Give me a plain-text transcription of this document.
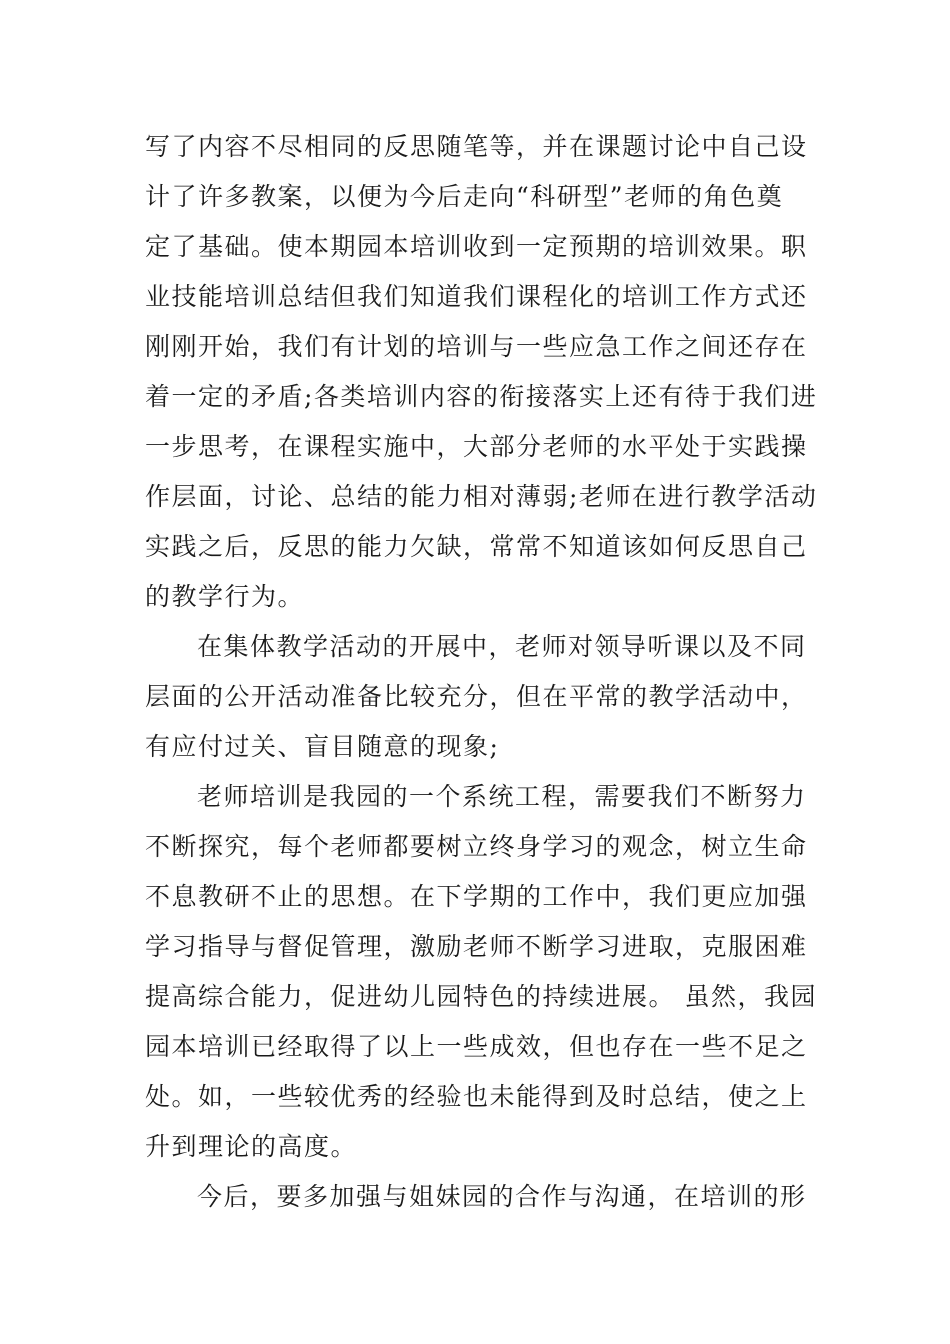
写了内容不尽相同的反思随笔等，并在课题讨论中自己设
计了许多教案，以便为今后走向“科研型”老师的角色奠
定了基础。使本期园本培训收到一定预期的培训效果。职
业技能培训总结但我们知道我们课程化的培训工作方式还
刚刚开始，我们有计划的培训与一些应急工作之间还存在
着一定的矛盾;各类培训内容的衔接落实上还有待于我们进
一步思考，在课程实施中，大部分老师的水平处于实践操
作层面，讨论、总结的能力相对薄弱;老师在进行教学活动
实践之后，反思的能力欠缺，常常不知道该如何反思自己
的教学行为。
在集体教学活动的开展中，老师对领导听课以及不同
层面的公开活动准备比较充分，但在平常的教学活动中，
有应付过关、盲目随意的现象;
老师培训是我园的一个系统工程，需要我们不断努力
不断探究，每个老师都要树立终身学习的观念，树立生命
不息教研不止的思想。在下学期的工作中，我们更应加强
学习指导与督促管理，激励老师不断学习进取，克服困难
提高综合能力，促进幼儿园特色的持续进展。 虽然，我园
园本培训已经取得了以上一些成效，但也存在一些不足之
处。如，一些较优秀的经验也未能得到及时总结，使之上
升到理论的高度。
今后，要多加强与姐妹园的合作与沟通，在培训的形
